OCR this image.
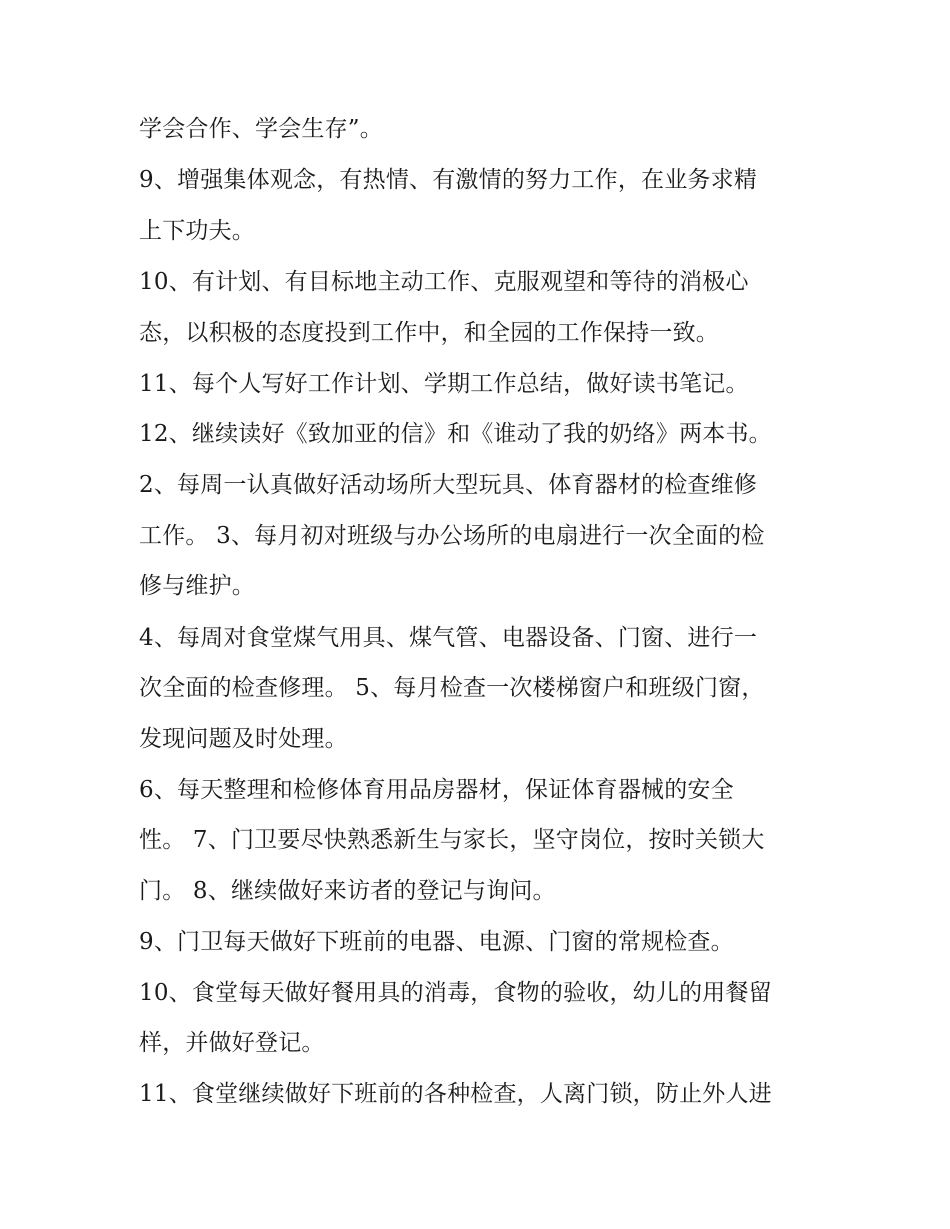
学会合作、学会生存”。
9、增强集体观念，有热情、有激情的努力工作，在业务求精
上下功夫。
10、有计划、有目标地主动工作、克服观望和等待的消极心
态，以积极的态度投到工作中，和全园的工作保持一致。
11、每个人写好工作计划、学期工作总结，做好读书笔记。
12、继续读好《致加亚的信》和《谁动了我的奶络》两本书。
2、每周一认真做好活动场所大型玩具、体育器材的检查维修
工作。 3、每月初对班级与办公场所的电扇进行一次全面的检
修与维护。
4、每周对食堂煤气用具、煤气管、电器设备、门窗、进行一
次全面的检查修理。 5、每月检查一次楼梯窗户和班级门窗，
发现问题及时处理。
6、每天整理和检修体育用品房器材，保证体育器械的安全
性。 7、门卫要尽快熟悉新生与家长，坚守岗位，按时关锁大
门。 8、继续做好来访者的登记与询问。
9、门卫每天做好下班前的电器、电源、门窗的常规检查。
10、食堂每天做好餐用具的消毒，食物的验收，幼儿的用餐留
样，并做好登记。
11、食堂继续做好下班前的各种检查，人离门锁，防止外人进
